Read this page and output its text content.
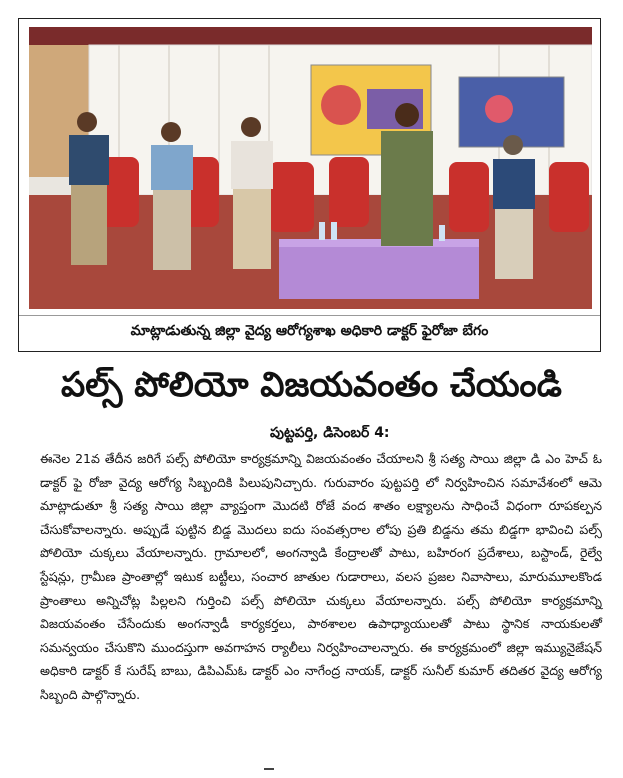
మాట్లాడుతున్న జిల్లా వైద్య ఆరోగ్యశాఖ అధికారి డాక్టర్ ఫైరోజా బేగం
పల్స్ పోలియో విజయవంతం చేయండి
పుట్టపర్తి, డిసెంబర్ 4:

ఈనెల 21వ తేదీన జరిగే పల్స్ పోలియో కార్యక్రమాన్ని విజయవంతం చేయాలని శ్రీ సత్య సాయి జిల్లా డి ఎం హెచ్ ఓ డాక్టర్ ఫై రోజా వైద్య ఆరోగ్య సిబ్బందికి పిలుపునిచ్చారు. గురువారం పుట్టపర్తి లో నిర్వహించిన సమావేశంలో ఆమె మాట్లాడుతూ శ్రీ సత్య సాయి జిల్లా వ్యాప్తంగా మొదటి రోజే వంద శాతం లక్ష్యాలను సాధించే విధంగా రూపకల్పన చేసుకోవాలన్నారు. అప్పుడే పుట్టిన బిడ్డ మొదలు ఐదు సంవత్సరాల లోపు ప్రతి బిడ్డను తమ బిడ్డగా భావించి పల్స్ పోలియో చుక్కలు వేయాలన్నారు. గ్రామాలలో, అంగన్వాడి కేంద్రాలతో పాటు, బహిరంగ ప్రదేశాలు, బస్టాండ్, రైల్వే స్టేషన్లు, గ్రామీణ ప్రాంతాల్లో ఇటుక బట్టీలు, సంచార జాతుల గుడారాలు, వలస ప్రజల నివాసాలు, మారుమూలకొండ ప్రాంతాలు అన్నిచోట్ల పిల్లలని గుర్తించి పల్స్ పోలియో చుక్కలు వేయాలన్నారు. పల్స్ పోలియో కార్యక్రమాన్ని విజయవంతం చేసేందుకు అంగన్వాడీ కార్యకర్తలు, పాఠశాలల ఉపాధ్యాయులతో పాటు స్థానిక నాయకులతో సమన్వయం చేసుకొని ముందస్తుగా అవగాహన ర్యాలీలు నిర్వహించాలన్నారు. ఈ కార్యక్రమంలో జిల్లా ఇమ్యునైజేషన్ అధికారి డాక్టర్ కే సురేష్ బాబు, డిపిఎమ్ఓ డాక్టర్ ఎం నాగేంద్ర నాయక్, డాక్టర్ సునీల్ కుమార్ తదితర వైద్య ఆరోగ్య సిబ్బంది పాల్గొన్నారు.
